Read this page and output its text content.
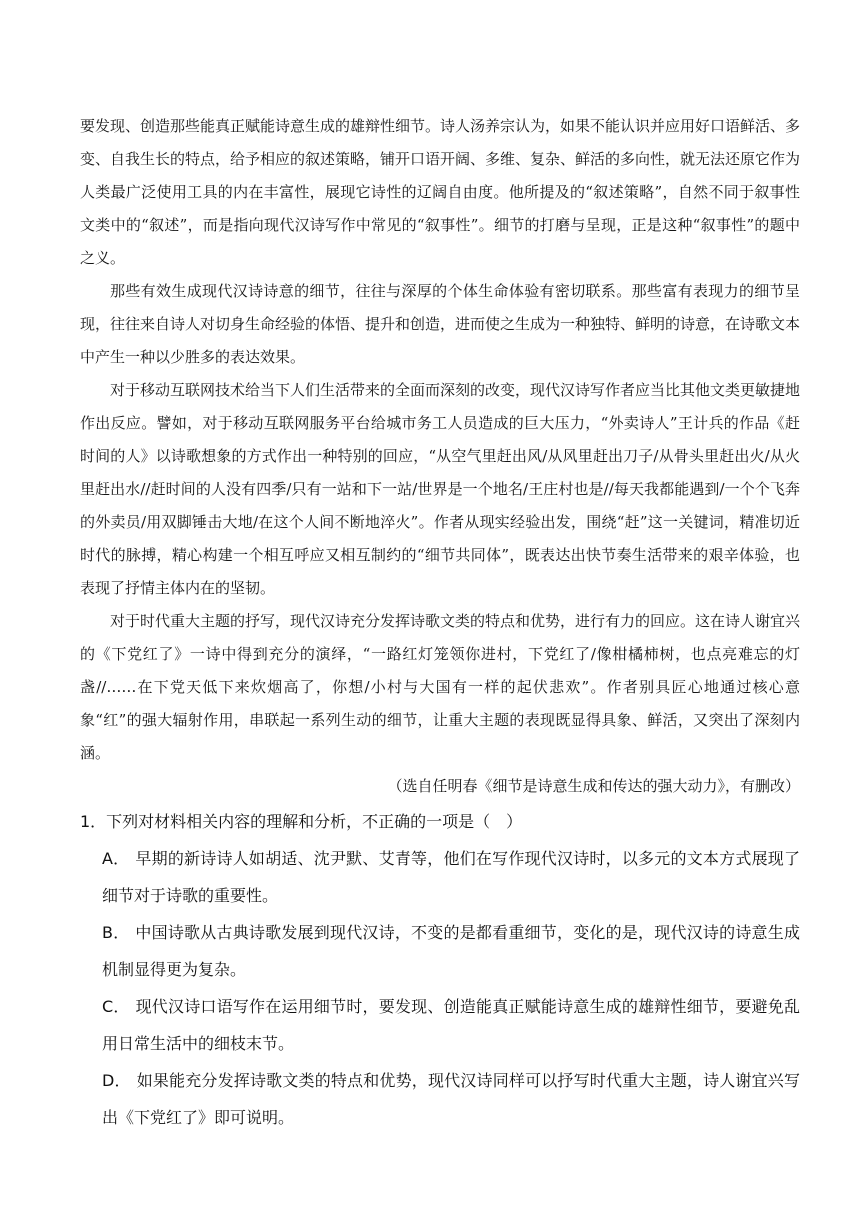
要发现、创造那些能真正赋能诗意生成的雄辩性细节。诗人汤养宗认为，如果不能认识并应用好口语鲜活、多变、自我生长的特点，给予相应的叙述策略，铺开口语开阔、多维、复杂、鲜活的多向性，就无法还原它作为人类最广泛使用工具的内在丰富性，展现它诗性的辽阔自由度。他所提及的“叙述策略”，自然不同于叙事性文类中的“叙述”，而是指向现代汉诗写作中常见的“叙事性”。细节的打磨与呈现，正是这种“叙事性”的题中之义。

那些有效生成现代汉诗诗意的细节，往往与深厚的个体生命体验有密切联系。那些富有表现力的细节呈现，往往来自诗人对切身生命经验的体悟、提升和创造，进而使之生成为一种独特、鲜明的诗意，在诗歌文本中产生一种以少胜多的表达效果。

对于移动互联网技术给当下人们生活带来的全面而深刻的改变，现代汉诗写作者应当比其他文类更敏捷地作出反应。譬如，对于移动互联网服务平台给城市务工人员造成的巨大压力，“外卖诗人”王计兵的作品《赶时间的人》以诗歌想象的方式作出一种特别的回应，“从空气里赶出风/从风里赶出刀子/从骨头里赶出火/从火里赶出水//赶时间的人没有四季/只有一站和下一站/世界是一个地名/王庄村也是//每天我都能遇到/一个个飞奔的外卖员/用双脚锤击大地/在这个人间不断地淬火”。作者从现实经验出发，围绕“赶”这一关键词，精准切近时代的脉搏，精心构建一个相互呼应又相互制约的“细节共同体”，既表达出快节奏生活带来的艰辛体验，也表现了抒情主体内在的坚韧。

对于时代重大主题的抒写，现代汉诗充分发挥诗歌文类的特点和优势，进行有力的回应。这在诗人谢宜兴的《下党红了》一诗中得到充分的演绎，“一路红灯笼领你进村，下党红了/像柑橘柿树，也点亮难忘的灯盏//……在下党天低下来炊烟高了，你想/小村与大国有一样的起伏悲欢”。作者别具匠心地通过核心意象“红”的强大辐射作用，串联起一系列生动的细节，让重大主题的表现既显得具象、鲜活，又突出了深刻内涵。

（选自任明春《细节是诗意生成和传达的强大动力》，有删改）

1．下列对材料相关内容的理解和分析，不正确的一项是（　）

A． 早期的新诗诗人如胡适、沈尹默、艾青等，他们在写作现代汉诗时，以多元的文本方式展现了细节对于诗歌的重要性。

B． 中国诗歌从古典诗歌发展到现代汉诗，不变的是都看重细节，变化的是，现代汉诗的诗意生成机制显得更为复杂。

C． 现代汉诗口语写作在运用细节时，要发现、创造能真正赋能诗意生成的雄辩性细节，要避免乱用日常生活中的细枝末节。

D． 如果能充分发挥诗歌文类的特点和优势，现代汉诗同样可以抒写时代重大主题，诗人谢宜兴写出《下党红了》即可说明。
